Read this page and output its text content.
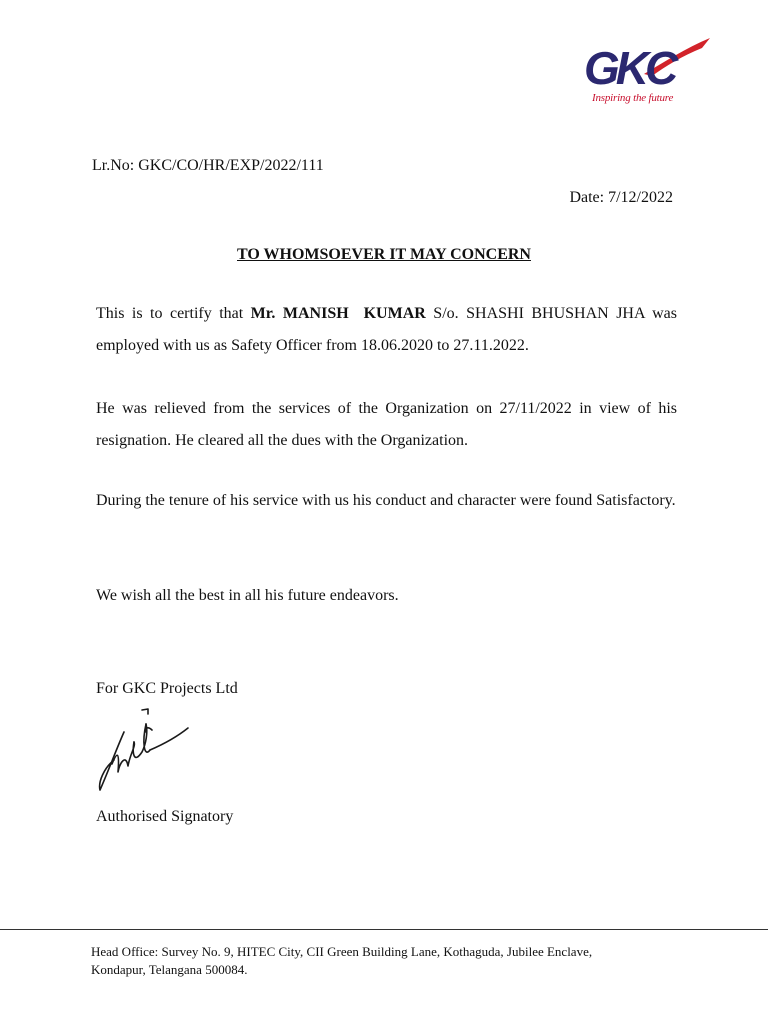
GKC
Inspiring the future
Lr.No: GKC/CO/HR/EXP/2022/111
Date: 7/12/2022
TO WHOMSOEVER IT MAY CONCERN
This is to certify that Mr. MANISH  KUMAR S/o. SHASHI BHUSHAN JHA was employed with us as Safety Officer from 18.06.2020 to 27.11.2022.
He was relieved from the services of the Organization on 27/11/2022 in view of his resignation. He cleared all the dues with the Organization.
During the tenure of his service with us his conduct and character were found Satisfactory.
We wish all the best in all his future endeavors.
For GKC Projects Ltd
Authorised Signatory
Head Office: Survey No. 9, HITEC City, CII Green Building Lane, Kothaguda, Jubilee Enclave,
Kondapur, Telangana 500084.
